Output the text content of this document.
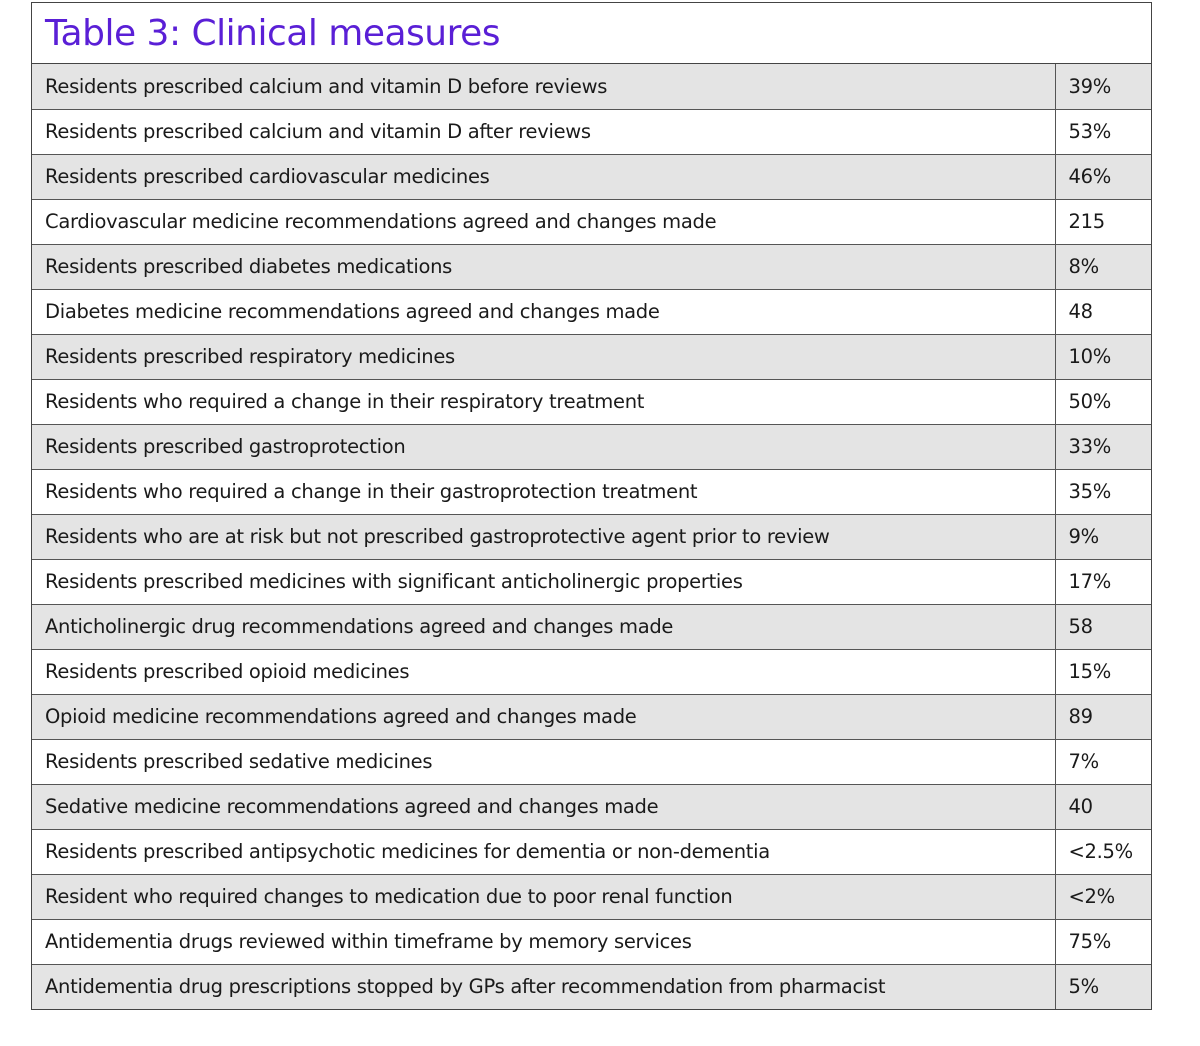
Table 3: Clinical measures
Residents prescribed calcium and vitamin D before reviews	39%
Residents prescribed calcium and vitamin D after reviews	53%
Residents prescribed cardiovascular medicines	46%
Cardiovascular medicine recommendations agreed and changes made	215
Residents prescribed diabetes medications	8%
Diabetes medicine recommendations agreed and changes made	48
Residents prescribed respiratory medicines	10%
Residents who required a change in their respiratory treatment	50%
Residents prescribed gastroprotection	33%
Residents who required a change in their gastroprotection treatment	35%
Residents who are at risk but not prescribed gastroprotective agent prior to review	9%
Residents prescribed medicines with significant anticholinergic properties	17%
Anticholinergic drug recommendations agreed and changes made	58
Residents prescribed opioid medicines	15%
Opioid medicine recommendations agreed and changes made	89
Residents prescribed sedative medicines	7%
Sedative medicine recommendations agreed and changes made	40
Residents prescribed antipsychotic medicines for dementia or non-dementia	<2.5%
Resident who required changes to medication due to poor renal function	<2%
Antidementia drugs reviewed within timeframe by memory services	75%
Antidementia drug prescriptions stopped by GPs after recommendation from pharmacist	5%
